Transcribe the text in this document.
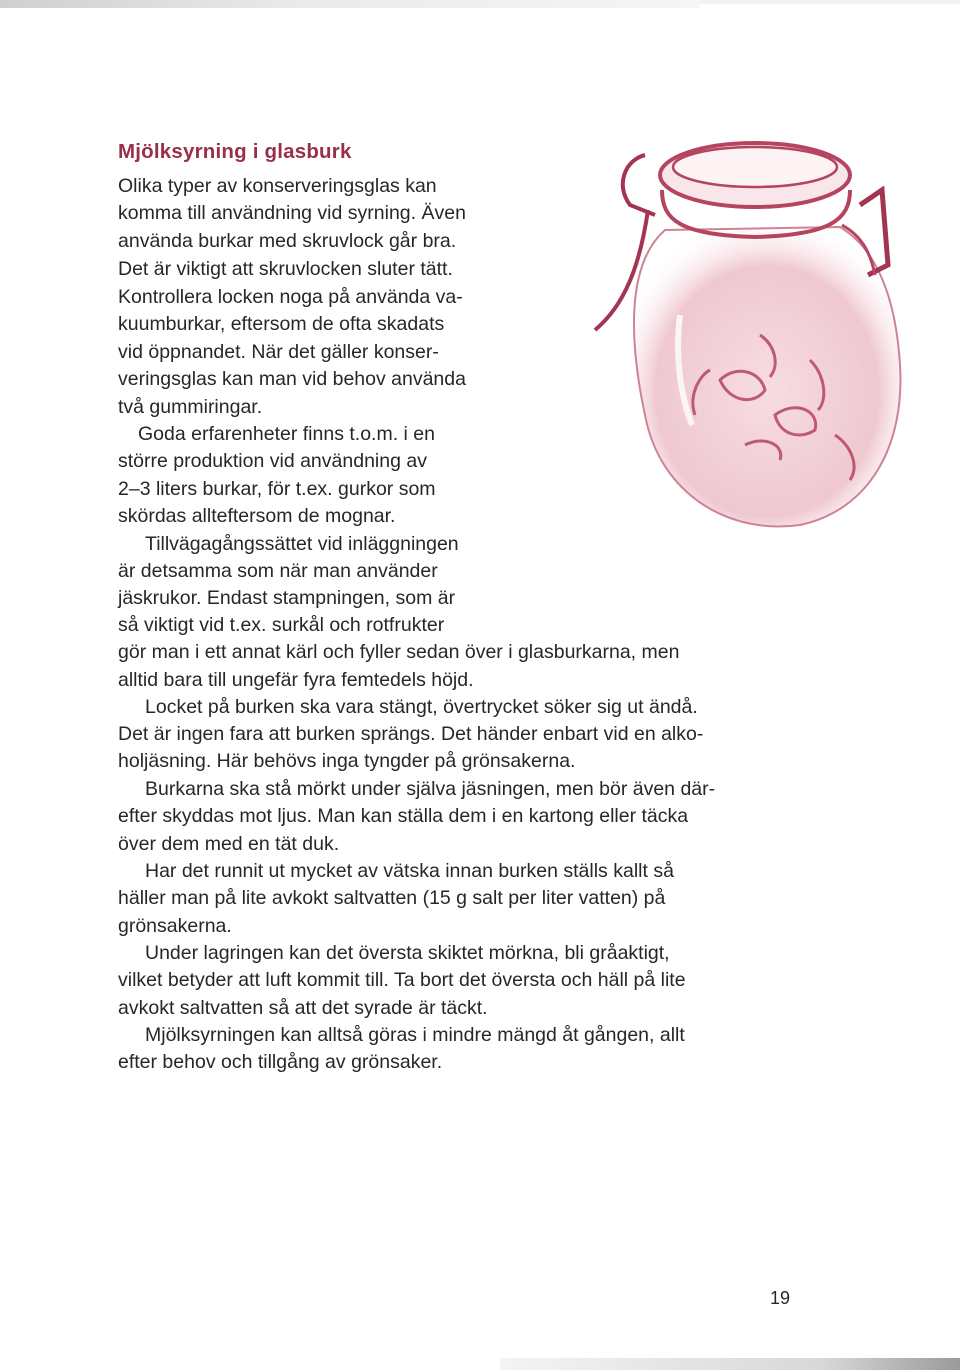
Mjölksyrning i glasburk

Olika typer av konserveringsglas kan

komma till användning vid syrning. Även

använda burkar med skruvlock går bra.

Det är viktigt att skruvlocken sluter tätt.

Kontrollera locken noga på använda va-

kuumburkar, eftersom de ofta skadats

vid öppnandet. När det gäller konser-

veringsglas kan man vid behov använda

två gummiringar.

Goda erfarenheter finns t.o.m. i en

större produktion vid användning av

2–3 liters burkar, för t.ex. gurkor som

skördas allteftersom de mognar.

Tillvägagångssättet vid inläggningen

är detsamma som när man använder

jäskrukor. Endast stampningen, som är

så viktigt vid t.ex. surkål och rotfrukter

gör man i ett annat kärl och fyller sedan över i glasburkarna, men

alltid bara till ungefär fyra femtedels höjd.

Locket på burken ska vara stängt, övertrycket söker sig ut ändå.

Det är ingen fara att burken sprängs. Det händer enbart vid en alko-

holjäsning. Här behövs inga tyngder på grönsakerna.

Burkarna ska stå mörkt under själva jäsningen, men bör även där-

efter skyddas mot ljus. Man kan ställa dem i en kartong eller täcka

över dem med en tät duk.

Har det runnit ut mycket av vätska innan burken ställs kallt så

häller man på lite avkokt saltvatten (15 g salt per liter vatten) på

grönsakerna.

Under lagringen kan det översta skiktet mörkna, bli gråaktigt,

vilket betyder att luft kommit till. Ta bort det översta och häll på lite

avkokt saltvatten så att det syrade är täckt.

Mjölksyrningen kan alltså göras i mindre mängd åt gången, allt

efter behov och tillgång av grönsaker.

19
